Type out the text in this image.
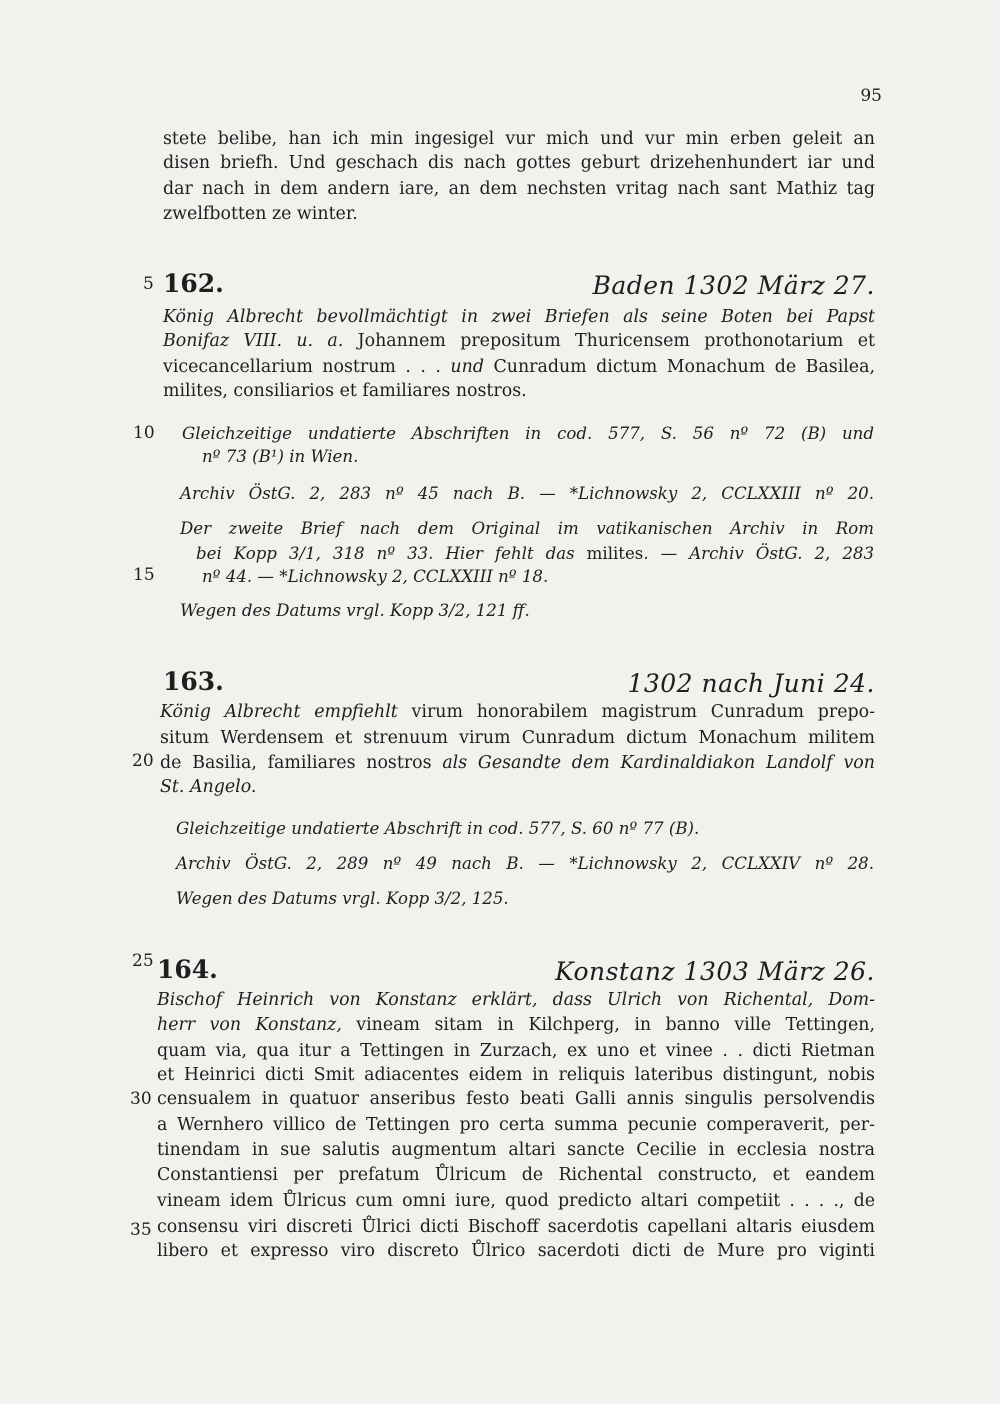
95
5
10
15
20
25
30
35
stete belibe, han ich min ingesigel vur mich und vur min erben geleit an
disen briefh. Und geschach dis nach gottes geburt drizehenhundert iar und
dar nach in dem andern iare, an dem nechsten vritag nach sant Mathiz tag
zwelfbotten ze winter.
162.	Baden 1302 März 27.
König Albrecht bevollmächtigt in zwei Briefen als seine Boten bei Papst
Bonifaz VIII. u. a. Johannem prepositum Thuricensem prothonotarium et
vicecancellarium nostrum . . . und Cunradum dictum Monachum de Basilea,
milites, consiliarios et familiares nostros.
Gleichzeitige undatierte Abschriften in cod. 577, S. 56 nº 72 (B) und
nº 73 (B¹) in Wien.
Archiv ÖstG. 2, 283 nº 45 nach B. — *Lichnowsky 2, CCLXXIII nº 20.
Der zweite Brief nach dem Original im vatikanischen Archiv in Rom
bei Kopp 3/1, 318 nº 33. Hier fehlt das milites. — Archiv ÖstG. 2, 283
nº 44. — *Lichnowsky 2, CCLXXIII nº 18.
Wegen des Datums vrgl. Kopp 3/2, 121 ff.
163.	1302 nach Juni 24.
König Albrecht empfiehlt virum honorabilem magistrum Cunradum prepo-
situm Werdensem et strenuum virum Cunradum dictum Monachum militem
de Basilia, familiares nostros als Gesandte dem Kardinaldiakon Landolf von
St. Angelo.
Gleichzeitige undatierte Abschrift in cod. 577, S. 60 nº 77 (B).
Archiv ÖstG. 2, 289 nº 49 nach B. — *Lichnowsky 2, CCLXXIV nº 28.
Wegen des Datums vrgl. Kopp 3/2, 125.
164.	Konstanz 1303 März 26.
Bischof Heinrich von Konstanz erklärt, dass Ulrich von Richental, Dom-
herr von Konstanz, vineam sitam in Kilchperg, in banno ville Tettingen,
quam via, qua itur a Tettingen in Zurzach, ex uno et vinee . . dicti Rietman
et Heinrici dicti Smit adiacentes eidem in reliquis lateribus distingunt, nobis
censualem in quatuor anseribus festo beati Galli annis singulis persolvendis
a Wernhero villico de Tettingen pro certa summa pecunie comperaverit, per-
tinendam in sue salutis augmentum altari sancte Cecilie in ecclesia nostra
Constantiensi per prefatum Ůlricum de Richental constructo, et eandem
vineam idem Ůlricus cum omni iure, quod predicto altari competiit . . . ., de
consensu viri discreti Ůlrici dicti Bischoff sacerdotis capellani altaris eiusdem
libero et expresso viro discreto Ůlrico sacerdoti dicti de Mure pro viginti
